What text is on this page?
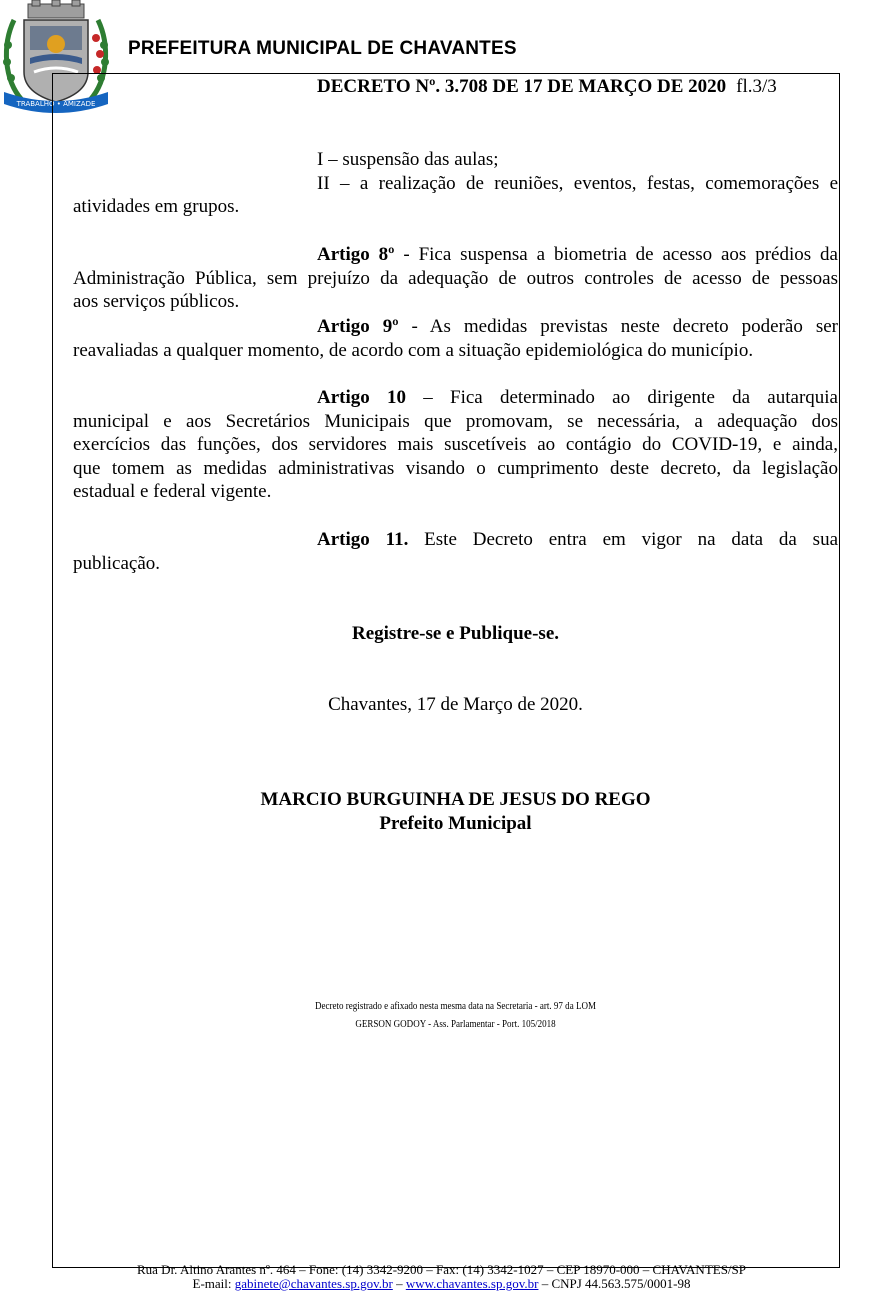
TRABALHO • AMIZADE
PREFEITURA MUNICIPAL DE CHAVANTES
DECRETO Nº. 3.708 DE 17 DE MARÇO DE 2020 fl.3/3
I – suspensão das aulas;
II – a realização de reuniões, eventos, festas, comemorações e
atividades em grupos.
Artigo 8º - Fica suspensa a biometria de acesso aos prédios da
Administração Pública, sem prejuízo da adequação de outros controles de acesso de pessoas
aos serviços públicos.
Artigo 9º - As medidas previstas neste decreto poderão ser
reavaliadas a qualquer momento, de acordo com a situação epidemiológica do município.
Artigo 10 – Fica determinado ao dirigente da autarquia
municipal e aos Secretários Municipais que promovam, se necessária, a adequação dos
exercícios das funções, dos servidores mais suscetíveis ao contágio do COVID-19, e ainda,
que tomem as medidas administrativas visando o cumprimento deste decreto, da legislação
estadual e federal vigente.
Artigo 11. Este Decreto entra em vigor na data da sua
publicação.
Registre-se e Publique-se.
Chavantes, 17 de Março de 2020.
MARCIO BURGUINHA DE JESUS DO REGO
Prefeito Municipal
Decreto registrado e afixado nesta mesma data na Secretaria - art. 97 da LOM
GERSON GODOY - Ass. Parlamentar - Port. 105/2018
Rua Dr. Altino Arantes nº. 464 – Fone: (14) 3342-9200 – Fax: (14) 3342-1027 – CEP 18970-000 – CHAVANTES/SP
E-mail: gabinete@chavantes.sp.gov.br – www.chavantes.sp.gov.br – CNPJ 44.563.575/0001-98
